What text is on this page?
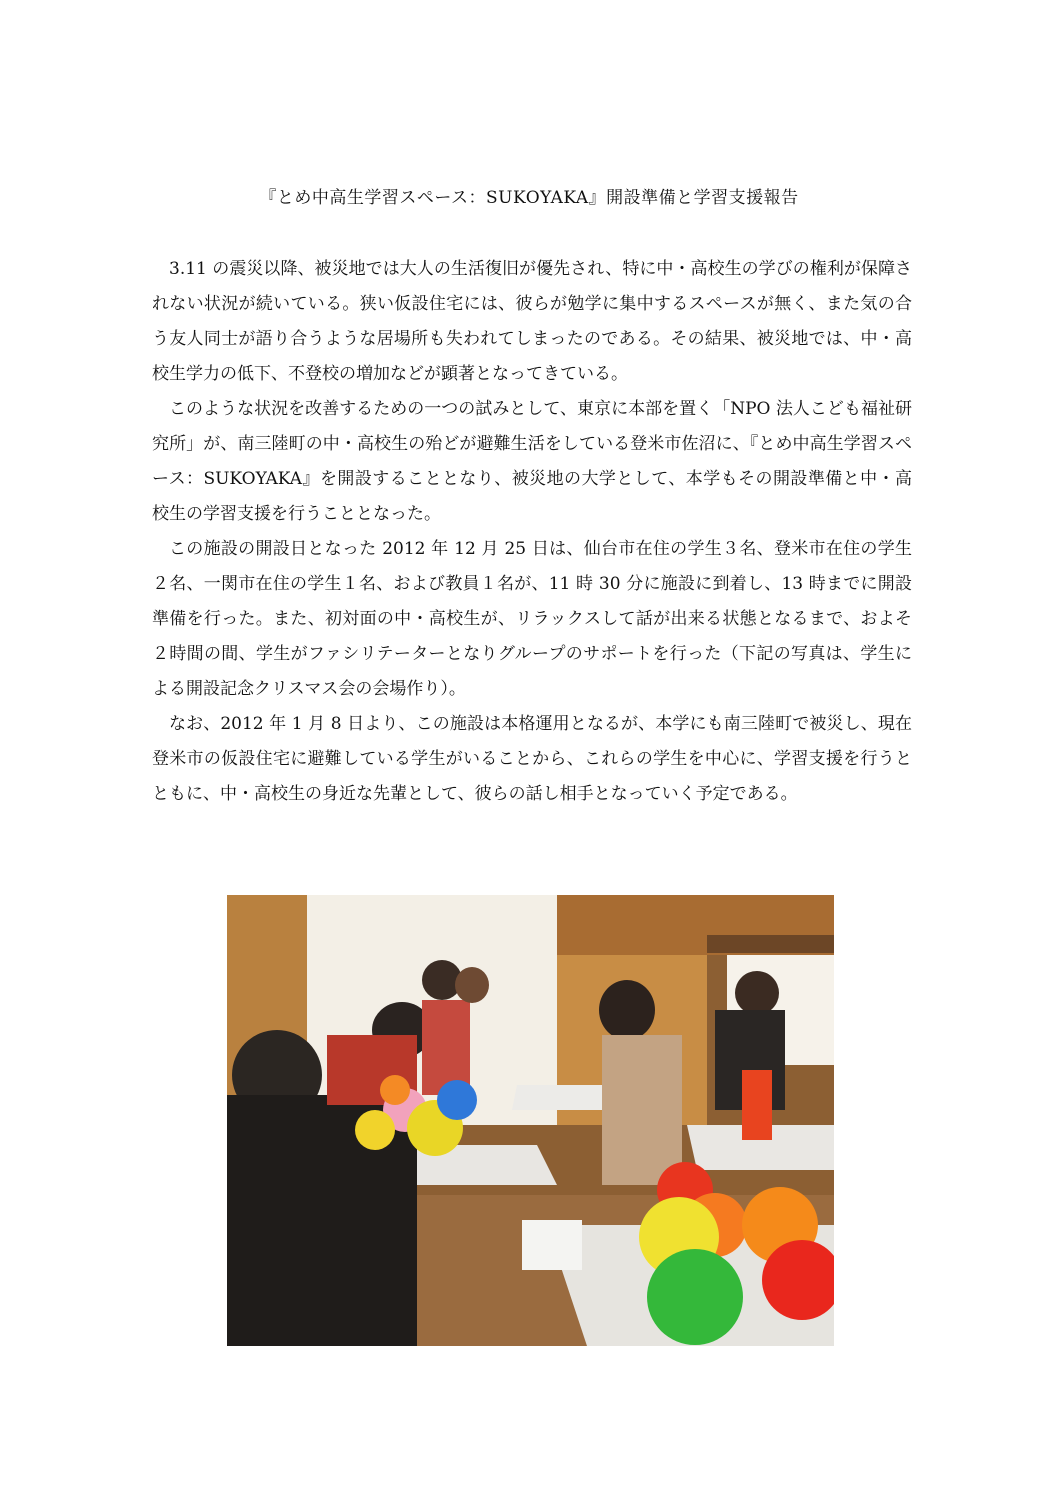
『とめ中高生学習スペース：SUKOYAKA』開設準備と学習支援報告

3.11 の震災以降、被災地では大人の生活復旧が優先され、特に中・高校生の学びの権利が保障されない状況が続いている。狭い仮設住宅には、彼らが勉学に集中するスペースが無く、また気の合う友人同士が語り合うような居場所も失われてしまったのである。その結果、被災地では、中・高校生学力の低下、不登校の増加などが顕著となってきている。

このような状況を改善するための一つの試みとして、東京に本部を置く「NPO 法人こども福祉研究所」が、南三陸町の中・高校生の殆どが避難生活をしている登米市佐沼に、『とめ中高生学習スペース：SUKOYAKA』を開設することとなり、被災地の大学として、本学もその開設準備と中・高校生の学習支援を行うこととなった。

この施設の開設日となった 2012 年 12 月 25 日は、仙台市在住の学生３名、登米市在住の学生２名、一関市在住の学生１名、および教員１名が、11 時 30 分に施設に到着し、13 時までに開設準備を行った。また、初対面の中・高校生が、リラックスして話が出来る状態となるまで、およそ２時間の間、学生がファシリテーターとなりグループのサポートを行った（下記の写真は、学生による開設記念クリスマス会の会場作り）。

なお、2012 年 1 月 8 日より、この施設は本格運用となるが、本学にも南三陸町で被災し、現在登米市の仮設住宅に避難している学生がいることから、これらの学生を中心に、学習支援を行うとともに、中・高校生の身近な先輩として、彼らの話し相手となっていく予定である。
